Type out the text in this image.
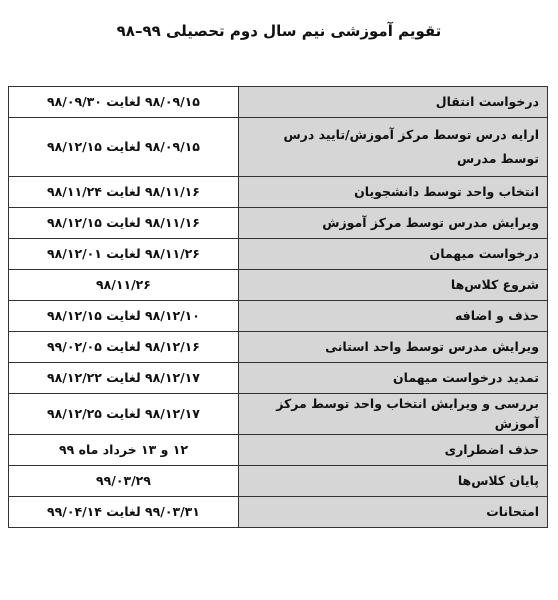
تقویم آموزشی نیم سال دوم تحصیلی ۹۹–۹۸
درخواست انتقال	۹۸/۰۹/۱۵ لغایت ۹۸/۰۹/۳۰
ارایه درس توسط مرکز آموزش/تایید درس توسط مدرس	۹۸/۰۹/۱۵ لغایت ۹۸/۱۲/۱۵
انتخاب واحد توسط دانشجویان	۹۸/۱۱/۱۶ لغایت ۹۸/۱۱/۲۴
ویرایش مدرس توسط مرکز آموزش	۹۸/۱۱/۱۶ لغایت ۹۸/۱۲/۱۵
درخواست میهمان	۹۸/۱۱/۲۶ لغایت ۹۸/۱۲/۰۱
شروع کلاس‌ها	۹۸/۱۱/۲۶
حذف و اضافه	۹۸/۱۲/۱۰ لغایت ۹۸/۱۲/۱۵
ویرایش مدرس توسط واحد استانی	۹۸/۱۲/۱۶ لغایت ۹۹/۰۲/۰۵
تمدید درخواست میهمان	۹۸/۱۲/۱۷ لغایت ۹۸/۱۲/۲۲
بررسی و ویرایش انتخاب واحد توسط مرکز آموزش	۹۸/۱۲/۱۷ لغایت ۹۸/۱۲/۲۵
حذف اضطراری	۱۲ و ۱۳ خرداد ماه ۹۹
پایان کلاس‌ها	۹۹/۰۳/۲۹
امتحانات	۹۹/۰۳/۳۱ لغایت ۹۹/۰۴/۱۴
